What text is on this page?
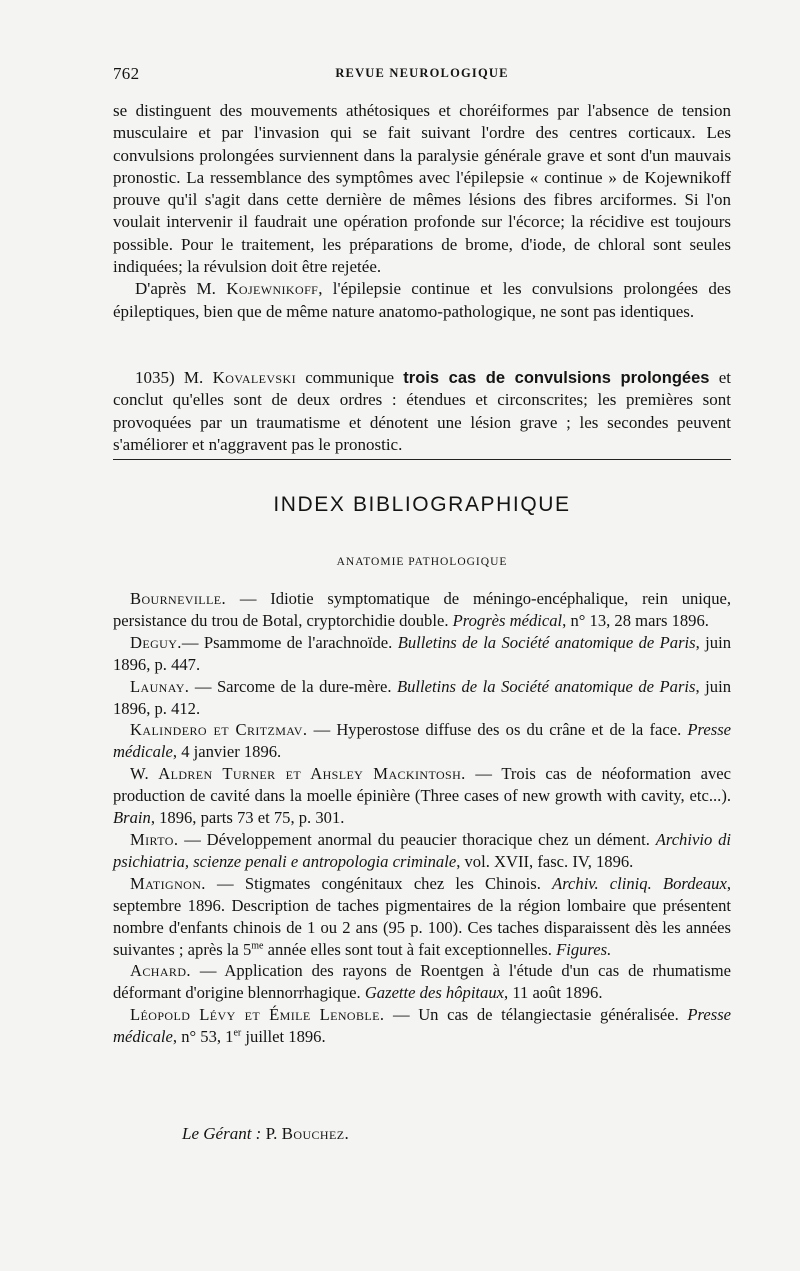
762	REVUE NEUROLOGIQUE

se distinguent des mouvements athétosiques et choréiformes par l'absence de tension musculaire et par l'invasion qui se fait suivant l'ordre des centres corticaux. Les convulsions prolongées surviennent dans la paralysie générale grave et sont d'un mauvais pronostic. La ressemblance des symptômes avec l'épilepsie « continue » de Kojewnikoff prouve qu'il s'agit dans cette dernière de mêmes lésions des fibres arciformes. Si l'on voulait intervenir il faudrait une opération profonde sur l'écorce; la récidive est toujours possible. Pour le traitement, les préparations de brome, d'iode, de chloral sont seules indiquées; la révulsion doit être rejetée.

D'après M. Kojewnikoff, l'épilepsie continue et les convulsions prolongées des épileptiques, bien que de même nature anatomo-pathologique, ne sont pas identiques.

1035) M. Kovalevski communique trois cas de convulsions prolongées et conclut qu'elles sont de deux ordres : étendues et circonscrites; les premières sont provoquées par un traumatisme et dénotent une lésion grave ; les secondes peuvent s'améliorer et n'aggravent pas le pronostic.

INDEX BIBLIOGRAPHIQUE
ANATOMIE PATHOLOGIQUE

Bourneville. — Idiotie symptomatique de méningo-encéphalique, rein unique, persistance du trou de Botal, cryptorchidie double. Progrès médical, n° 13, 28 mars 1896.

Deguy.— Psammome de l'arachnoïde. Bulletins de la Société anatomique de Paris, juin 1896, p. 447.

Launay. — Sarcome de la dure-mère. Bulletins de la Société anatomique de Paris, juin 1896, p. 412.

Kalindero et Critzmav. — Hyperostose diffuse des os du crâne et de la face. Presse médicale, 4 janvier 1896.

W. Aldren Turner et Ahsley Mackintosh. — Trois cas de néoformation avec production de cavité dans la moelle épinière (Three cases of new growth with cavity, etc...). Brain, 1896, parts 73 et 75, p. 301.

Mirto. — Développement anormal du peaucier thoracique chez un dément. Archivio di psichiatria, scienze penali e antropologia criminale, vol. XVII, fasc. IV, 1896.

Matignon. — Stigmates congénitaux chez les Chinois. Archiv. cliniq. Bordeaux, septembre 1896. Description de taches pigmentaires de la région lombaire que présentent nombre d'enfants chinois de 1 ou 2 ans (95 p. 100). Ces taches disparaissent dès les années suivantes ; après la $5^{me}$ année elles sont tout à fait exceptionnelles. Figures.

Achard. — Application des rayons de Roentgen à l'étude d'un cas de rhumatisme déformant d'origine blennorrhagique. Gazette des hôpitaux, 11 août 1896.

Léopold Lévy et Émile Lenoble. — Un cas de télangiectasie généralisée. Presse médicale, n° 53, 1er juillet 1896.

Le Gérant : P. Bouchez.
